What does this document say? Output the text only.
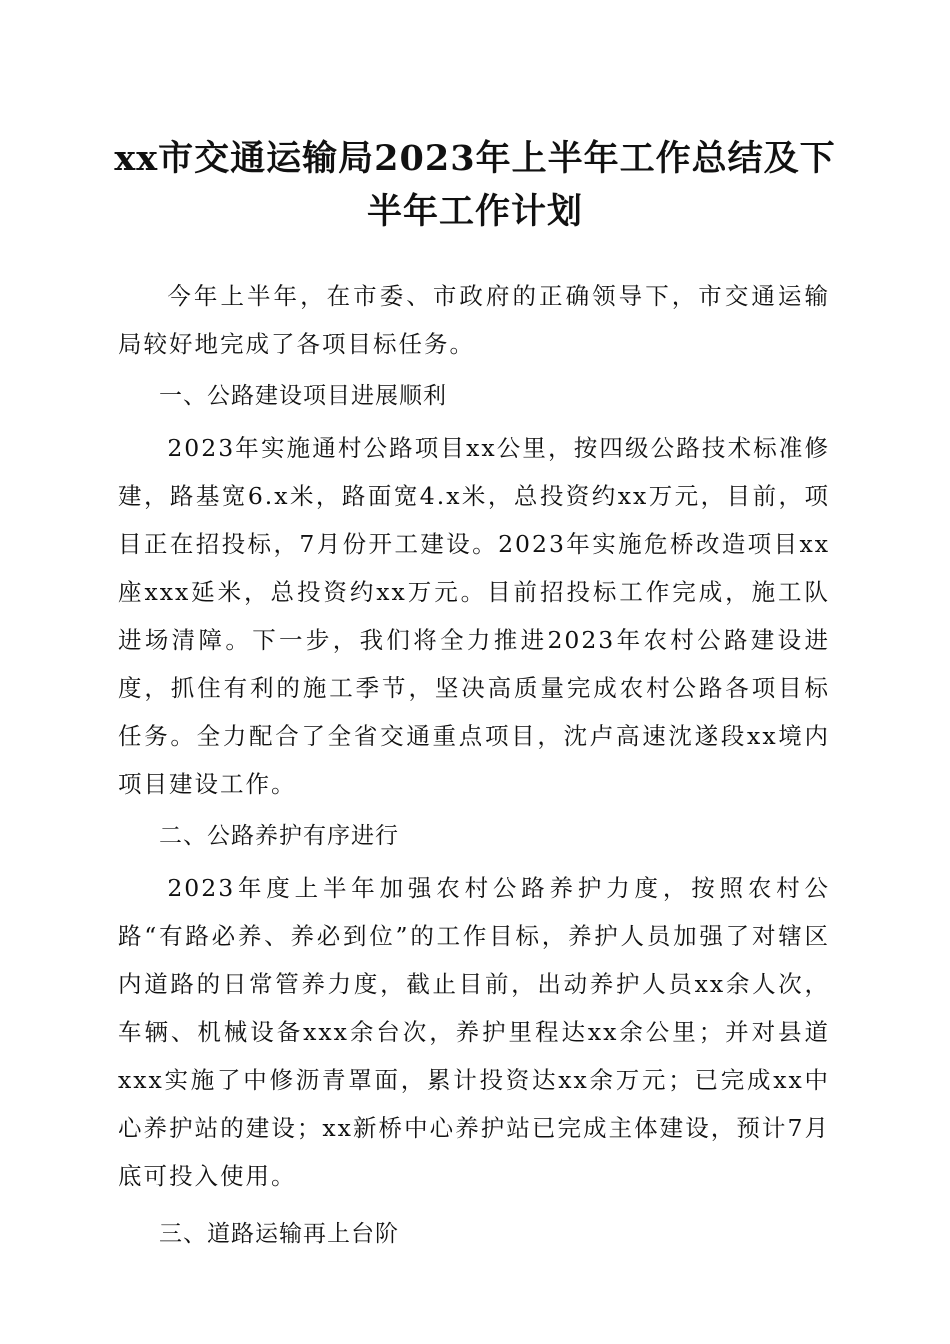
xx市交通运输局2023年上半年工作总结及下
半年工作计划

今年上半年，在市委、市政府的正确领导下，市交通运输局较好地完成了各项目标任务。

一、公路建设项目进展顺利

2023年实施通村公路项目xx公里，按四级公路技术标准修建，路基宽6.x米，路面宽4.x米，总投资约xx万元，目前，项目正在招投标，7月份开工建设。2023年实施危桥改造项目xx座xxx延米，总投资约xx万元。目前招投标工作完成，施工队进场清障。下一步，我们将全力推进2023年农村公路建设进度，抓住有利的施工季节，坚决高质量完成农村公路各项目标任务。全力配合了全省交通重点项目，沈卢高速沈遂段xx境内项目建设工作。

二、公路养护有序进行

2023年度上半年加强农村公路养护力度，按照农村公路“有路必养、养必到位”的工作目标，养护人员加强了对辖区内道路的日常管养力度，截止目前，出动养护人员xx余人次，车辆、机械设备xxx余台次，养护里程达xx余公里；并对县道xxx实施了中修沥青罩面，累计投资达xx余万元；已完成xx中心养护站的建设；xx新桥中心养护站已完成主体建设，预计7月底可投入使用。

三、道路运输再上台阶
